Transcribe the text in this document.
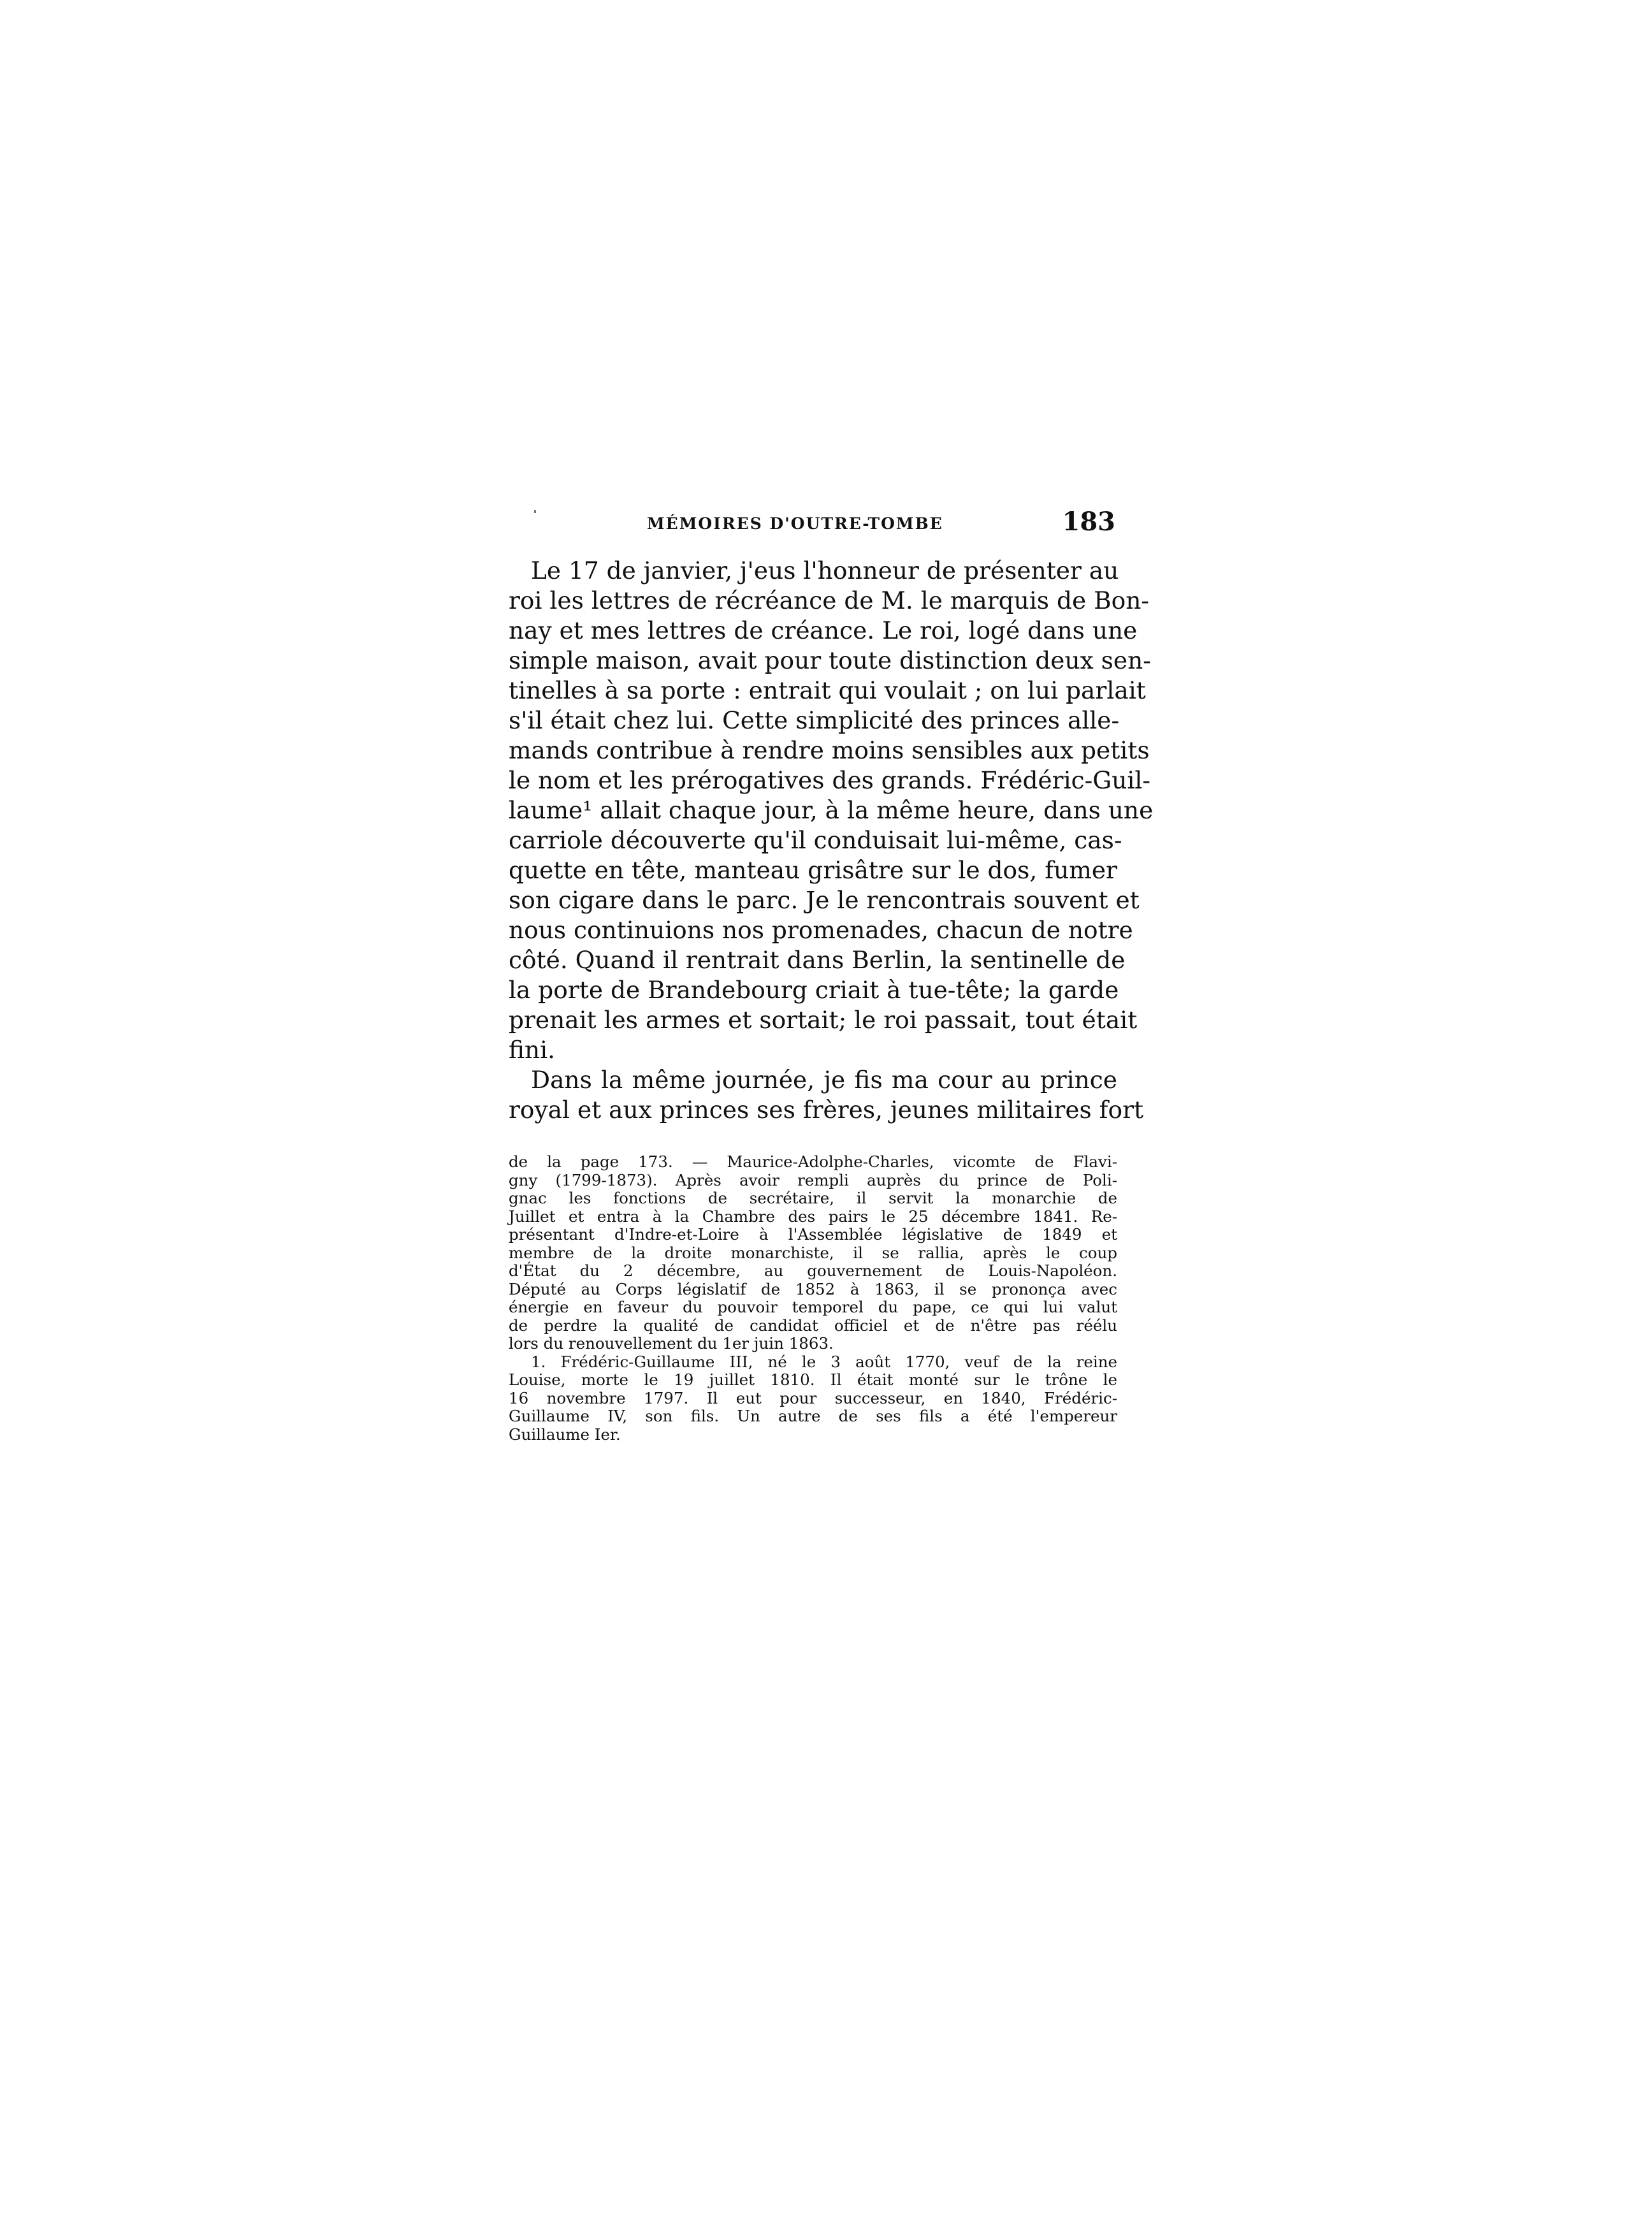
MÉMOIRES D'OUTRE-TOMBE	183
Le 17 de janvier, j'eus l'honneur de présenter au
roi les lettres de récréance de M. le marquis de Bon-
nay et mes lettres de créance. Le roi, logé dans une
simple maison, avait pour toute distinction deux sen-
tinelles à sa porte : entrait qui voulait ; on lui parlait
s'il était chez lui. Cette simplicité des princes alle-
mands contribue à rendre moins sensibles aux petits
le nom et les prérogatives des grands. Frédéric-Guil-
laume¹ allait chaque jour, à la même heure, dans une
carriole découverte qu'il conduisait lui-même, cas-
quette en tête, manteau grisâtre sur le dos, fumer
son cigare dans le parc. Je le rencontrais souvent et
nous continuions nos promenades, chacun de notre
côté. Quand il rentrait dans Berlin, la sentinelle de
la porte de Brandebourg criait à tue-tête; la garde
prenait les armes et sortait; le roi passait, tout était
fini.
Dans la même journée, je fis ma cour au prince
royal et aux princes ses frères, jeunes militaires fort
de la page 173. — Maurice-Adolphe-Charles, vicomte de Flavi-
gny (1799-1873). Après avoir rempli auprès du prince de Poli-
gnac les fonctions de secrétaire, il servit la monarchie de
Juillet et entra à la Chambre des pairs le 25 décembre 1841. Re-
présentant d'Indre-et-Loire à l'Assemblée législative de 1849 et
membre de la droite monarchiste, il se rallia, après le coup
d'État du 2 décembre, au gouvernement de Louis-Napoléon.
Député au Corps législatif de 1852 à 1863, il se prononça avec
énergie en faveur du pouvoir temporel du pape, ce qui lui valut
de perdre la qualité de candidat officiel et de n'être pas réélu
lors du renouvellement du 1er juin 1863.
1. Frédéric-Guillaume III, né le 3 août 1770, veuf de la reine
Louise, morte le 19 juillet 1810. Il était monté sur le trône le
16 novembre 1797. Il eut pour successeur, en 1840, Frédéric-
Guillaume IV, son fils. Un autre de ses fils a été l'empereur
Guillaume Ier.
